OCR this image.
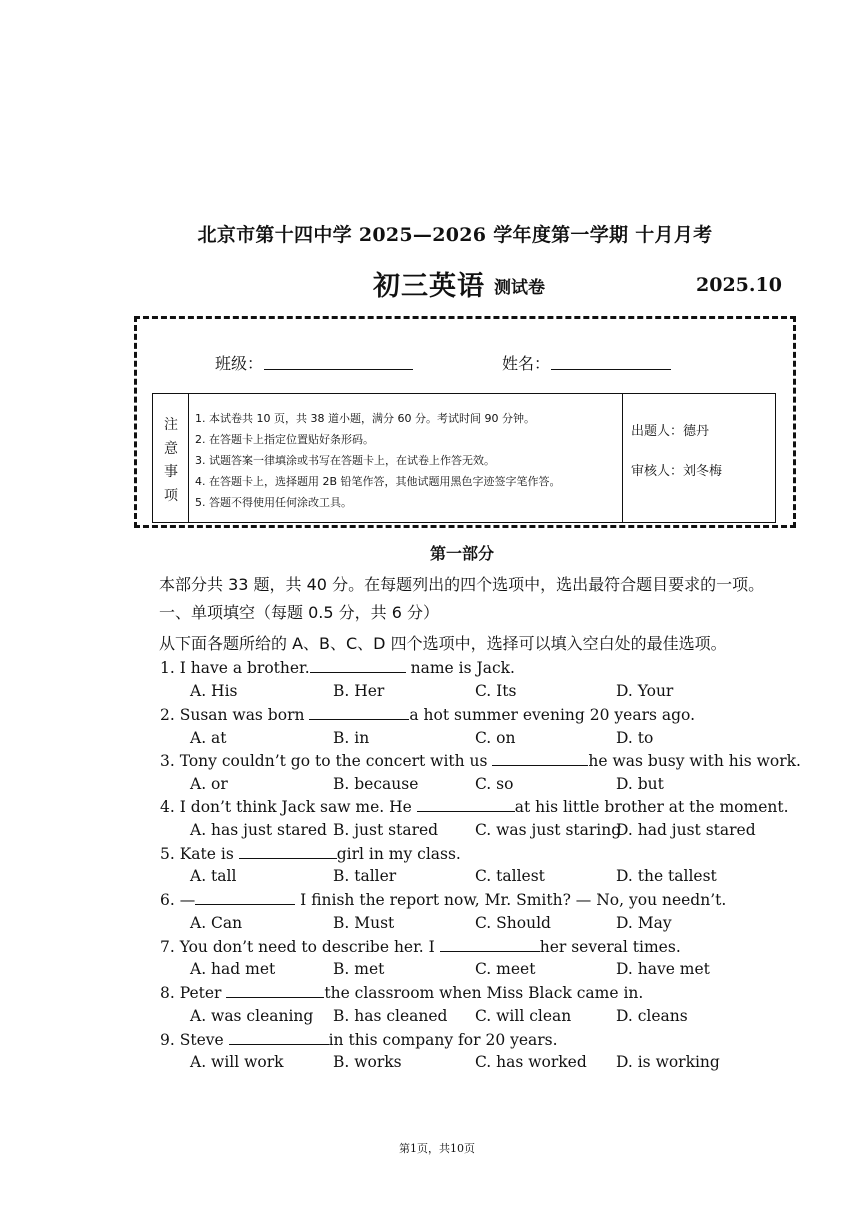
北京市第十四中学 2025—2026 学年度第一学期 十月月考
初三英语 测试卷	2025.10
班级：	姓名：
注
意
事
项
1. 本试卷共 10 页，共 38 道小题，满分 60 分。考试时间 90 分钟。
2. 在答题卡上指定位置贴好条形码。
3. 试题答案一律填涂或书写在答题卡上，在试卷上作答无效。
4. 在答题卡上，选择题用 2B 铅笔作答，其他试题用黑色字迹签字笔作答。
5. 答题不得使用任何涂改工具。
出题人：德丹
审核人：刘冬梅
第一部分
本部分共 33 题，共 40 分。在每题列出的四个选项中，选出最符合题目要求的一项。
一、单项填空（每题 0.5 分，共 6 分）
从下面各题所给的 A、B、C、D 四个选项中，选择可以填入空白处的最佳选项。
1. I have a brother.	name is Jack.
A. His	B. Her	C. Its	D. Your
2. Susan was born	a hot summer evening 20 years ago.
A. at	B. in	C. on	D. to
3. Tony couldn’t go to the concert with us	he was busy with his work.
A. or	B. because	C. so	D. but
4. I don’t think Jack saw me. He	at his little brother at the moment.
A. has just stared B. just stared C. was just staring
D. had just stared
5. Kate is	girl in my class.
A. tall	B. taller	C. tallest	D. the tallest
6. —	I finish the report now, Mr. Smith? — No, you needn’t.
A. Can	B. Must	C. Should	D. May
7. You don’t need to describe her. I	her several times.
A. had met	B. met	C. meet	D. have met
8. Peter	the classroom when Miss Black came in.
A. was cleaning B. has cleaned C. will clean	D. cleans
9. Steve	in this company for 20 years.
A. will work	B. works	C. has worked D. is working
第1页，共10页
